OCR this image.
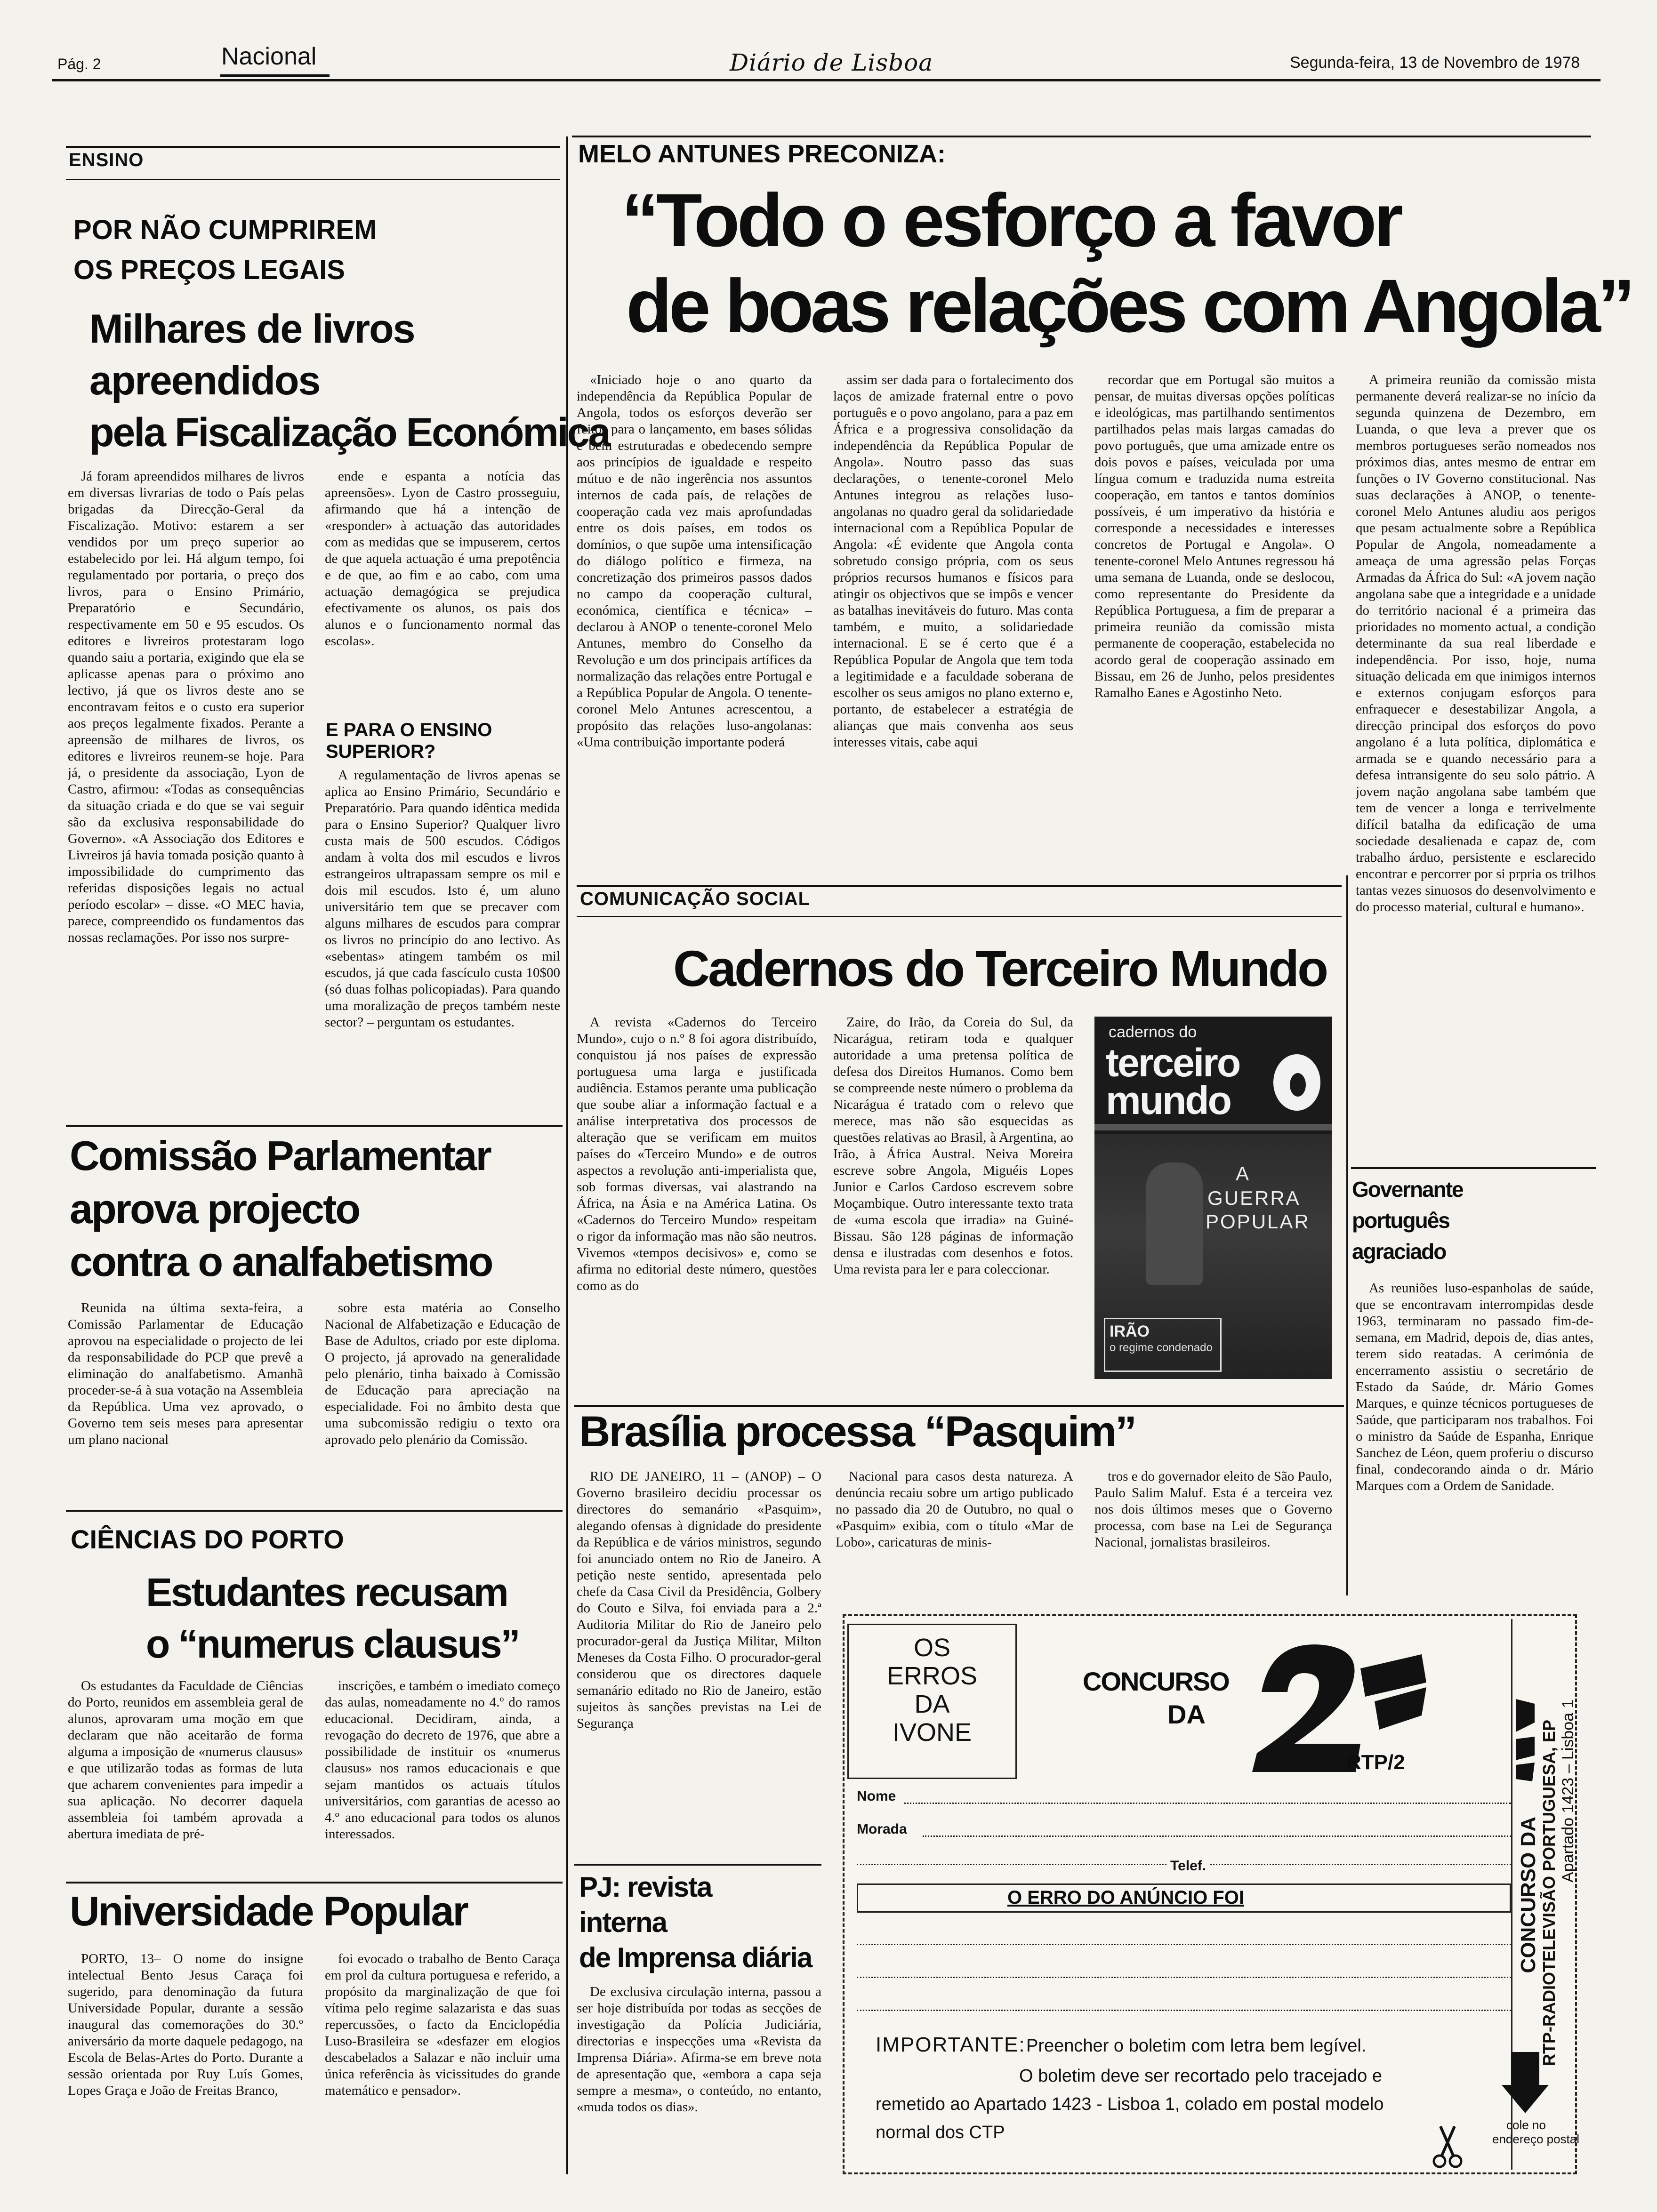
Pág. 2	Nacional	Diário de Lisboa	Segunda-feira, 13 de Novembro de 1978
ENSINO
POR NÃO CUMPRIREM
OS PREÇOS LEGAIS
Milhares de livros
apreendidos
pela Fiscalização Económica

Já foram apreendidos milhares de livros em diversas livrarias de todo o País pelas brigadas da Direcção-Geral da Fiscalização. Motivo: estarem a ser vendidos por um preço superior ao estabelecido por lei. Há algum tempo, foi regulamentado por portaria, o preço dos livros, para o Ensino Primário, Preparatório e Secundário, respectivamente em 50 e 95 escudos. Os editores e livreiros protestaram logo quando saiu a portaria, exigindo que ela se aplicasse apenas para o próximo ano lectivo, já que os livros deste ano se encontravam feitos e o custo era superior aos preços legalmente fixados. Perante a apreensão de milhares de livros, os editores e livreiros reunem-se hoje. Para já, o presidente da associação, Lyon de Castro, afirmou: «Todas as consequências da situação criada e do que se vai seguir são da exclusiva responsabilidade do Governo». «A Associação dos Editores e Livreiros já havia tomada posição quanto à impossibilidade do cumprimento das referidas disposições legais no actual período escolar» – disse. «O MEC havia, parece, compreendido os fundamentos das nossas reclamações. Por isso nos surpre-

ende e espanta a notícia das apreensões». Lyon de Castro prosseguiu, afirmando que há a intenção de «responder» à actuação das autoridades com as medidas que se impuserem, certos de que aquela actuação é uma prepotência e de que, ao fim e ao cabo, com uma actuação demagógica se prejudica efectivamente os alunos, os pais dos alunos e o funcionamento normal das escolas».

E PARA O ENSINO SUPERIOR?

A regulamentação de livros apenas se aplica ao Ensino Primário, Secundário e Preparatório. Para quando idêntica medida para o Ensino Superior? Qualquer livro custa mais de 500 escudos. Códigos andam à volta dos mil escudos e livros estrangeiros ultrapassam sempre os mil e dois mil escudos. Isto é, um aluno universitário tem que se precaver com alguns milhares de escudos para comprar os livros no princípio do ano lectivo. As «sebentas» atingem também os mil escudos, já que cada fascículo custa 10$00 (só duas folhas policopiadas). Para quando uma moralização de preços também neste sector? – perguntam os estudantes.

Comissão Parlamentar
aprova projecto
contra o analfabetismo

Reunida na última sexta-feira, a Comissão Parlamentar de Educação aprovou na especialidade o projecto de lei da responsabilidade do PCP que prevê a eliminação do analfabetismo. Amanhã proceder-se-á à sua votação na Assembleia da República. Uma vez aprovado, o Governo tem seis meses para apresentar um plano nacional

sobre esta matéria ao Conselho Nacional de Alfabetização e Educação de Base de Adultos, criado por este diploma. O projecto, já aprovado na generalidade pelo plenário, tinha baixado à Comissão de Educação para apreciação na especialidade. Foi no âmbito desta que uma subcomissão redigiu o texto ora aprovado pelo plenário da Comissão.

CIÊNCIAS DO PORTO
Estudantes recusam
o “numerus clausus”

Os estudantes da Faculdade de Ciências do Porto, reunidos em assembleia geral de alunos, aprovaram uma moção em que declaram que não aceitarão de forma alguma a imposição de «numerus clausus» e que utilizarão todas as formas de luta que acharem convenientes para impedir a sua aplicação. No decorrer daquela assembleia foi também aprovada a abertura imediata de pré-

inscrições, e também o imediato começo das aulas, nomeadamente no 4.º do ramos educacional. Decidiram, ainda, a revogação do decreto de 1976, que abre a possibilidade de instituir os «numerus clausus» nos ramos educacionais e que sejam mantidos os actuais títulos universitários, com garantias de acesso ao 4.º ano educacional para todos os alunos interessados.

Universidade Popular

PORTO, 13– O nome do insigne intelectual Bento Jesus Caraça foi sugerido, para denominação da futura Universidade Popular, durante a sessão inaugural das comemorações do 30.º aniversário da morte daquele pedagogo, na Escola de Belas-Artes do Porto. Durante a sessão orientada por Ruy Luís Gomes, Lopes Graça e João de Freitas Branco,

foi evocado o trabalho de Bento Caraça em prol da cultura portuguesa e referido, a propósito da marginalização de que foi vítima pelo regime salazarista e das suas repercussões, o facto da Enciclopédia Luso-Brasileira se «desfazer em elogios descabelados a Salazar e não incluir uma única referência às vicissitudes do grande matemático e pensador».

MELO ANTUNES PRECONIZA:
“Todo o esforço a favor
de boas relações com Angola”

«Iniciado hoje o ano quarto da independência da República Popular de Angola, todos os esforços deverão ser feitos para o lançamento, em bases sólidas e bem estruturadas e obedecendo sempre aos princípios de igualdade e respeito mútuo e de não ingerência nos assuntos internos de cada país, de relações de cooperação cada vez mais aprofundadas entre os dois países, em todos os domínios, o que supõe uma intensificação do diálogo político e firmeza, na concretização dos primeiros passos dados no campo da cooperação cultural, económica, científica e técnica» – declarou à ANOP o tenente-coronel Melo Antunes, membro do Conselho da Revolução e um dos principais artífices da normalização das relações entre Portugal e a República Popular de Angola. O tenente-coronel Melo Antunes acrescentou, a propósito das relações luso-angolanas: «Uma contribuição importante poderá

assim ser dada para o fortalecimento dos laços de amizade fraternal entre o povo português e o povo angolano, para a paz em África e a progressiva consolidação da independência da República Popular de Angola». Noutro passo das suas declarações, o tenente-coronel Melo Antunes integrou as relações luso-angolanas no quadro geral da solidariedade internacional com a República Popular de Angola: «É evidente que Angola conta sobretudo consigo própria, com os seus próprios recursos humanos e físicos para atingir os objectivos que se impôs e vencer as batalhas inevitáveis do futuro. Mas conta também, e muito, a solidariedade internacional. E se é certo que é a República Popular de Angola que tem toda a legitimidade e a faculdade soberana de escolher os seus amigos no plano externo e, portanto, de estabelecer a estratégia de alianças que mais convenha aos seus interesses vitais, cabe aqui

recordar que em Portugal são muitos a pensar, de muitas diversas opções políticas e ideológicas, mas partilhando sentimentos partilhados pelas mais largas camadas do povo português, que uma amizade entre os dois povos e países, veiculada por uma língua comum e traduzida numa estreita cooperação, em tantos e tantos domínios possíveis, é um imperativo da história e corresponde a necessidades e interesses concretos de Portugal e Angola». O tenente-coronel Melo Antunes regressou há uma semana de Luanda, onde se deslocou, como representante do Presidente da República Portuguesa, a fim de preparar a primeira reunião da comissão mista permanente de cooperação, estabelecida no acordo geral de cooperação assinado em Bissau, em 26 de Junho, pelos presidentes Ramalho Eanes e Agostinho Neto.

A primeira reunião da comissão mista permanente deverá realizar-se no início da segunda quinzena de Dezembro, em Luanda, o que leva a prever que os membros portugueses serão nomeados nos próximos dias, antes mesmo de entrar em funções o IV Governo constitucional. Nas suas declarações à ANOP, o tenente-coronel Melo Antunes aludiu aos perigos que pesam actualmente sobre a República Popular de Angola, nomeadamente a ameaça de uma agressão pelas Forças Armadas da África do Sul: «A jovem nação angolana sabe que a integridade e a unidade do território nacional é a primeira das prioridades no momento actual, a condição determinante da sua real liberdade e independência. Por isso, hoje, numa situação delicada em que inimigos internos e externos conjugam esforços para enfraquecer e desestabilizar Angola, a direcção principal dos esforços do povo angolano é a luta política, diplomática e armada se e quando necessário para a defesa intransigente do seu solo pátrio. A jovem nação angolana sabe também que tem de vencer a longa e terrivelmente difícil batalha da edificação de uma sociedade desalienada e capaz de, com trabalho árduo, persistente e esclarecido encontrar e percorrer por si prpria os trilhos tantas vezes sinuosos do desenvolvimento e do processo material, cultural e humano».

COMUNICAÇÃO SOCIAL
Cadernos do Terceiro Mundo

A revista «Cadernos do Terceiro Mundo», cujo o n.º 8 foi agora distribuído, conquistou já nos países de expressão portuguesa uma larga e justificada audiência. Estamos perante uma publicação que soube aliar a informação factual e a análise interpretativa dos processos de alteração que se verificam em muitos países do «Terceiro Mundo» e de outros aspectos a revolução anti-imperialista que, sob formas diversas, vai alastrando na África, na Ásia e na América Latina. Os «Cadernos do Terceiro Mundo» respeitam o rigor da informação mas não são neutros. Vivemos «tempos decisivos» e, como se afirma no editorial deste número, questões como as do

Zaire, do Irão, da Coreia do Sul, da Nicarágua, retiram toda e qualquer autoridade a uma pretensa política de defesa dos Direitos Humanos. Como bem se compreende neste número o problema da Nicarágua é tratado com o relevo que merece, mas não são esquecidas as questões relativas ao Brasil, à Argentina, ao Irão, à África Austral. Neiva Moreira escreve sobre Angola, Miguéis Lopes Junior e Carlos Cardoso escrevem sobre Moçambique. Outro interessante texto trata de «uma escola que irradia» na Guiné-Bissau. São 128 páginas de informação densa e ilustradas com desenhos e fotos. Uma revista para ler e para coleccionar.

cadernos do
terceiro
mundo
A
GUERRA
POPULAR
IRÃO
o regime condenado
Governante
português
agraciado

As reuniões luso-espanholas de saúde, que se encontravam interrompidas desde 1963, terminaram no passado fim-de-semana, em Madrid, depois de, dias antes, terem sido reatadas. A cerimónia de encerramento assistiu o secretário de Estado da Saúde, dr. Mário Gomes Marques, e quinze técnicos portugueses de Saúde, que participaram nos trabalhos. Foi o ministro da Saúde de Espanha, Enrique Sanchez de Léon, quem proferiu o discurso final, condecorando ainda o dr. Mário Marques com a Ordem de Sanidade.

Brasília processa “Pasquim”

RIO DE JANEIRO, 11 – (ANOP) – O Governo brasileiro decidiu processar os directores do semanário «Pasquim», alegando ofensas à dignidade do presidente da República e de vários ministros, segundo foi anunciado ontem no Rio de Janeiro. A petição neste sentido, apresentada pelo chefe da Casa Civil da Presidência, Golbery do Couto e Silva, foi enviada para a 2.ª Auditoria Militar do Rio de Janeiro pelo procurador-geral da Justiça Militar, Milton Meneses da Costa Filho. O procurador-geral considerou que os directores daquele semanário editado no Rio de Janeiro, estão sujeitos às sanções previstas na Lei de Segurança

Nacional para casos desta natureza. A denúncia recaiu sobre um artigo publicado no passado dia 20 de Outubro, no qual o «Pasquim» exibia, com o título «Mar de Lobo», caricaturas de minis-

tros e do governador eleito de São Paulo, Paulo Salim Maluf. Esta é a terceira vez nos dois últimos meses que o Governo processa, com base na Lei de Segurança Nacional, jornalistas brasileiros.

PJ: revista
interna
de Imprensa diária

De exclusiva circulação interna, passou a ser hoje distribuída por todas as secções de investigação da Polícia Judiciária, directorias e inspecções uma «Revista da Imprensa Diária». Afirma-se em breve nota de apresentação que, «embora a capa seja sempre a mesma», o conteúdo, no entanto, «muda todos os dias».

OS
ERROS
DA
IVONE
CONCURSO
DA
RTP/2
Nome
Morada
Telef.
O ERRO DO ANÚNCIO FOI
IMPORTANTE: Preencher o boletim com letra bem legível.
O boletim deve ser recortado pelo tracejado e
remetido ao Apartado 1423 - Lisboa 1, colado em postal modelo
normal dos CTP
CONCURSO DA RTP-RADIOTELEVISÃO PORTUGUESA, EP Apartado 1423 – Lisboa 1
cole no
endereço postal
